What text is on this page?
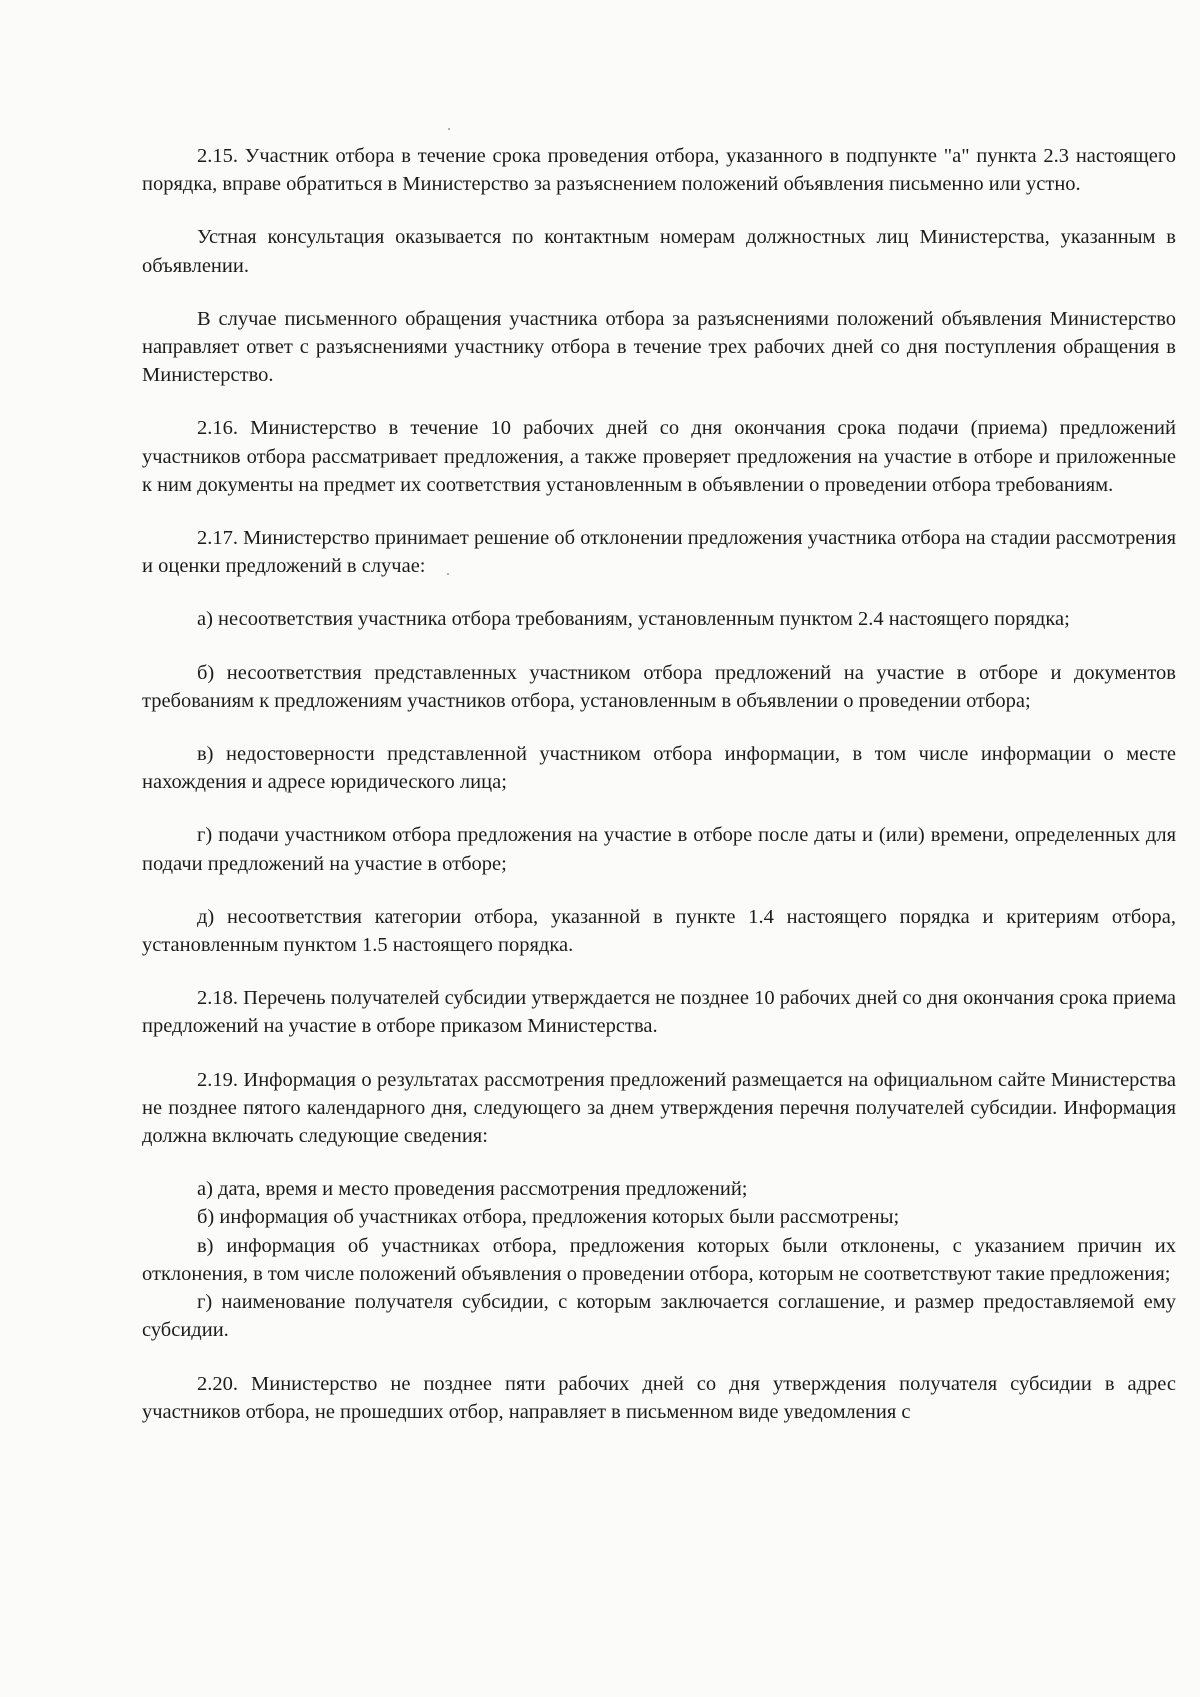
2.15. Участник отбора в течение срока проведения отбора, указанного в подпункте "а" пункта 2.3 настоящего порядка, вправе обратиться в Министерство за разъяснением положений объявления письменно или устно.

Устная консультация оказывается по контактным номерам должностных лиц Министерства, указанным в объявлении.

В случае письменного обращения участника отбора за разъяснениями положений объявления Министерство направляет ответ с разъяснениями участнику отбора в течение трех рабочих дней со дня поступления обращения в Министерство.

2.16. Министерство в течение 10 рабочих дней со дня окончания срока подачи (приема) предложений участников отбора рассматривает предложения, а также проверяет предложения на участие в отборе и приложенные к ним документы на предмет их соответствия установленным в объявлении о проведении отбора требованиям.

2.17. Министерство принимает решение об отклонении предложения участника отбора на стадии рассмотрения и оценки предложений в случае:

а) несоответствия участника отбора требованиям, установленным пунктом 2.4 настоящего порядка;

б) несоответствия представленных участником отбора предложений на участие в отборе и документов требованиям к предложениям участников отбора, установленным в объявлении о проведении отбора;

в) недостоверности представленной участником отбора информации, в том числе информации о месте нахождения и адресе юридического лица;

г) подачи участником отбора предложения на участие в отборе после даты и (или) времени, определенных для подачи предложений на участие в отборе;

д) несоответствия категории отбора, указанной в пункте 1.4 настоящего порядка и критериям отбора, установленным пунктом 1.5 настоящего порядка.

2.18. Перечень получателей субсидии утверждается не позднее 10 рабочих дней со дня окончания срока приема предложений на участие в отборе приказом Министерства.

2.19. Информация о результатах рассмотрения предложений размещается на официальном сайте Министерства не позднее пятого календарного дня, следующего за днем утверждения перечня получателей субсидии. Информация должна включать следующие сведения:

а) дата, время и место проведения рассмотрения предложений;

б) информация об участниках отбора, предложения которых были рассмотрены;

в) информация об участниках отбора, предложения которых были отклонены, с указанием причин их отклонения, в том числе положений объявления о проведении отбора, которым не соответствуют такие предложения;

г) наименование получателя субсидии, с которым заключается соглашение, и размер предоставляемой ему субсидии.

2.20. Министерство не позднее пяти рабочих дней со дня утверждения получателя субсидии в адрес участников отбора, не прошедших отбор, направляет в письменном виде уведомления с
